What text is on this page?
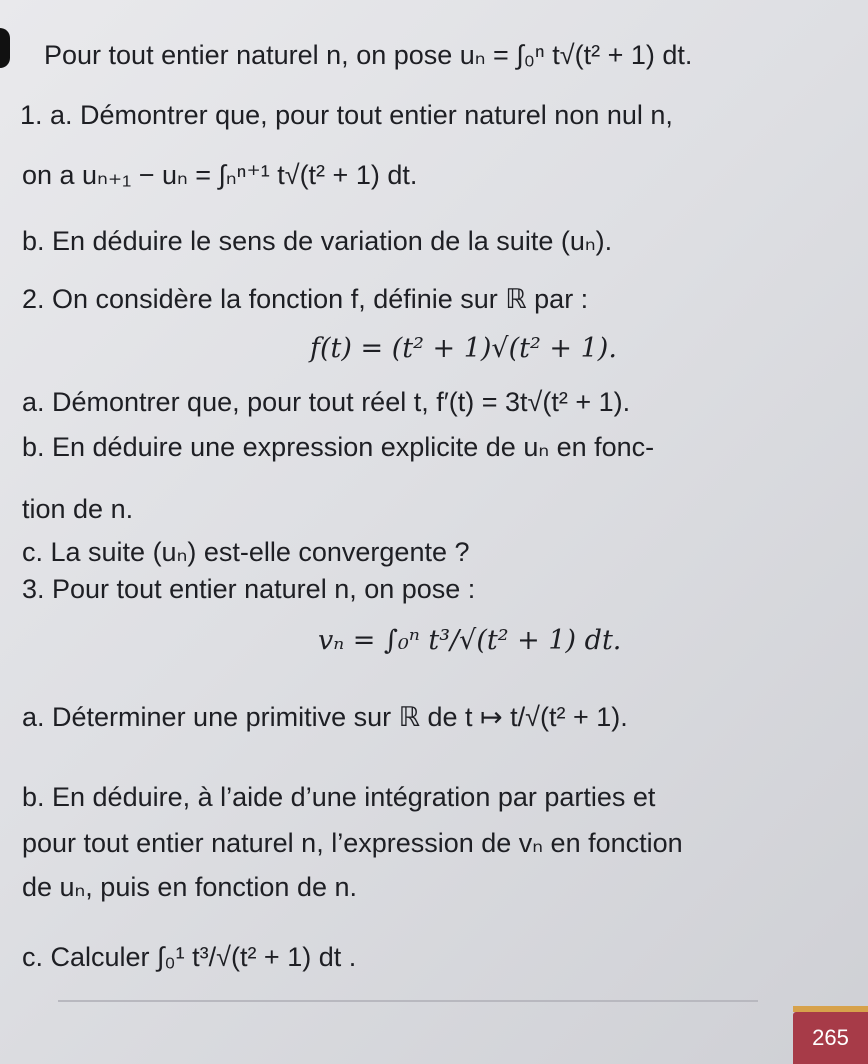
Pour tout entier naturel n, on pose uₙ = ∫₀ⁿ t√(t² + 1) dt.
1. a. Démontrer que, pour tout entier naturel non nul n,
on a uₙ₊₁ − uₙ = ∫ₙⁿ⁺¹ t√(t² + 1) dt.
b. En déduire le sens de variation de la suite (uₙ).
2. On considère la fonction f, définie sur ℝ par :
f(t) = (t² + 1)√(t² + 1).
a. Démontrer que, pour tout réel t, f′(t) = 3t√(t² + 1).
b. En déduire une expression explicite de uₙ en fonc-
tion de n.
c. La suite (uₙ) est-elle convergente ?
3. Pour tout entier naturel n, on pose :
vₙ = ∫₀ⁿ t³/√(t² + 1) dt.
a. Déterminer une primitive sur ℝ de t ↦ t/√(t² + 1).
b. En déduire, à l’aide d’une intégration par parties et
pour tout entier naturel n, l’expression de vₙ en fonction
de uₙ, puis en fonction de n.
c. Calculer ∫₀¹ t³/√(t² + 1) dt .
265
